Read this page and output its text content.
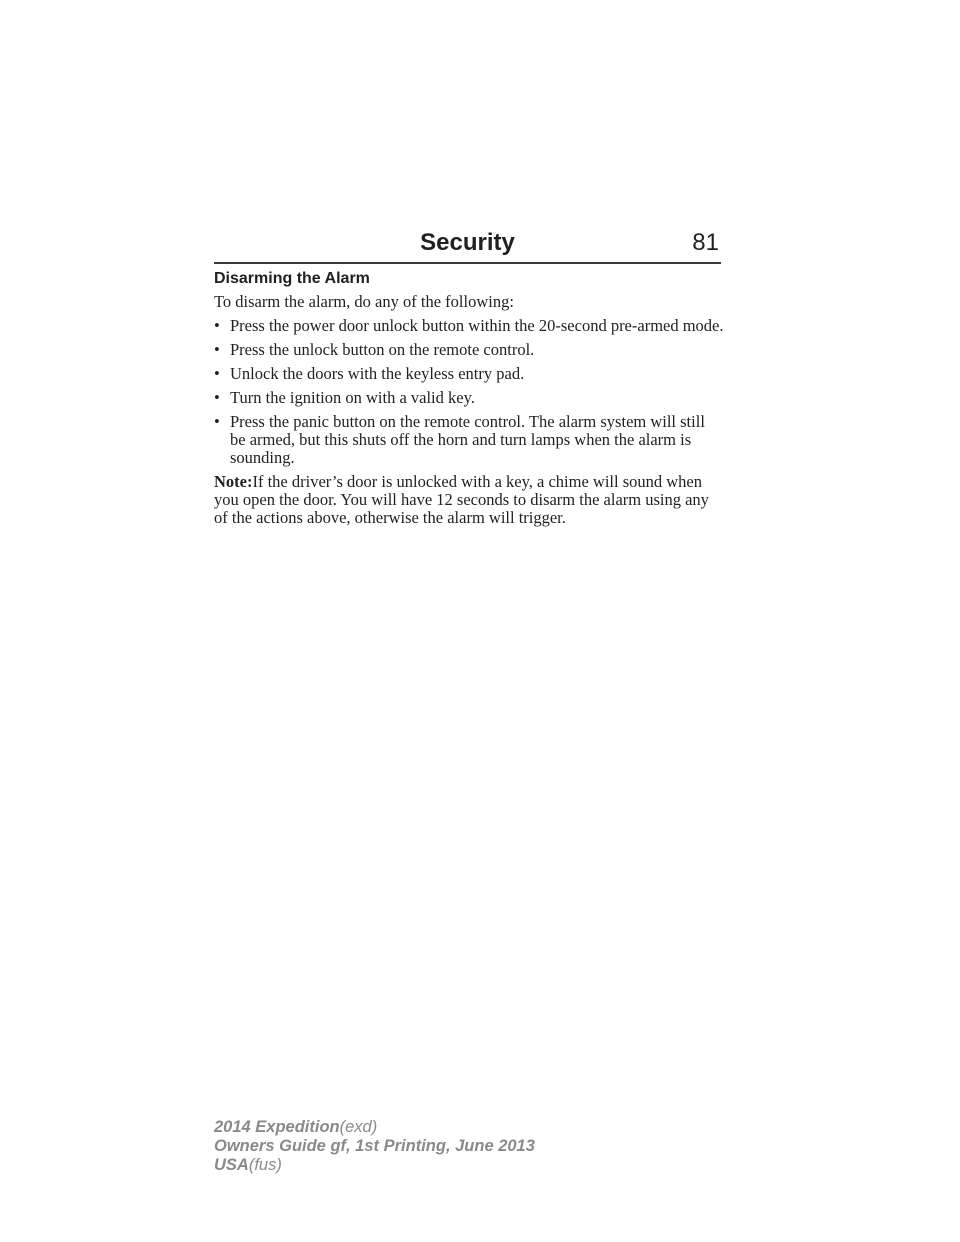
Security	81
Disarming the Alarm

To disarm the alarm, do any of the following:

• Press the power door unlock button within the 20-second pre-armed mode.
• Press the unlock button on the remote control.
• Unlock the doors with the keyless entry pad.
• Turn the ignition on with a valid key.
• Press the panic button on the remote control. The alarm system will still be armed, but this shuts off the horn and turn lamps when the alarm is sounding.

Note:If the driver’s door is unlocked with a key, a chime will sound when you open the door. You will have 12 seconds to disarm the alarm using any of the actions above, otherwise the alarm will trigger.

2014 Expedition(exd)
Owners Guide gf, 1st Printing, June 2013
USA(fus)
